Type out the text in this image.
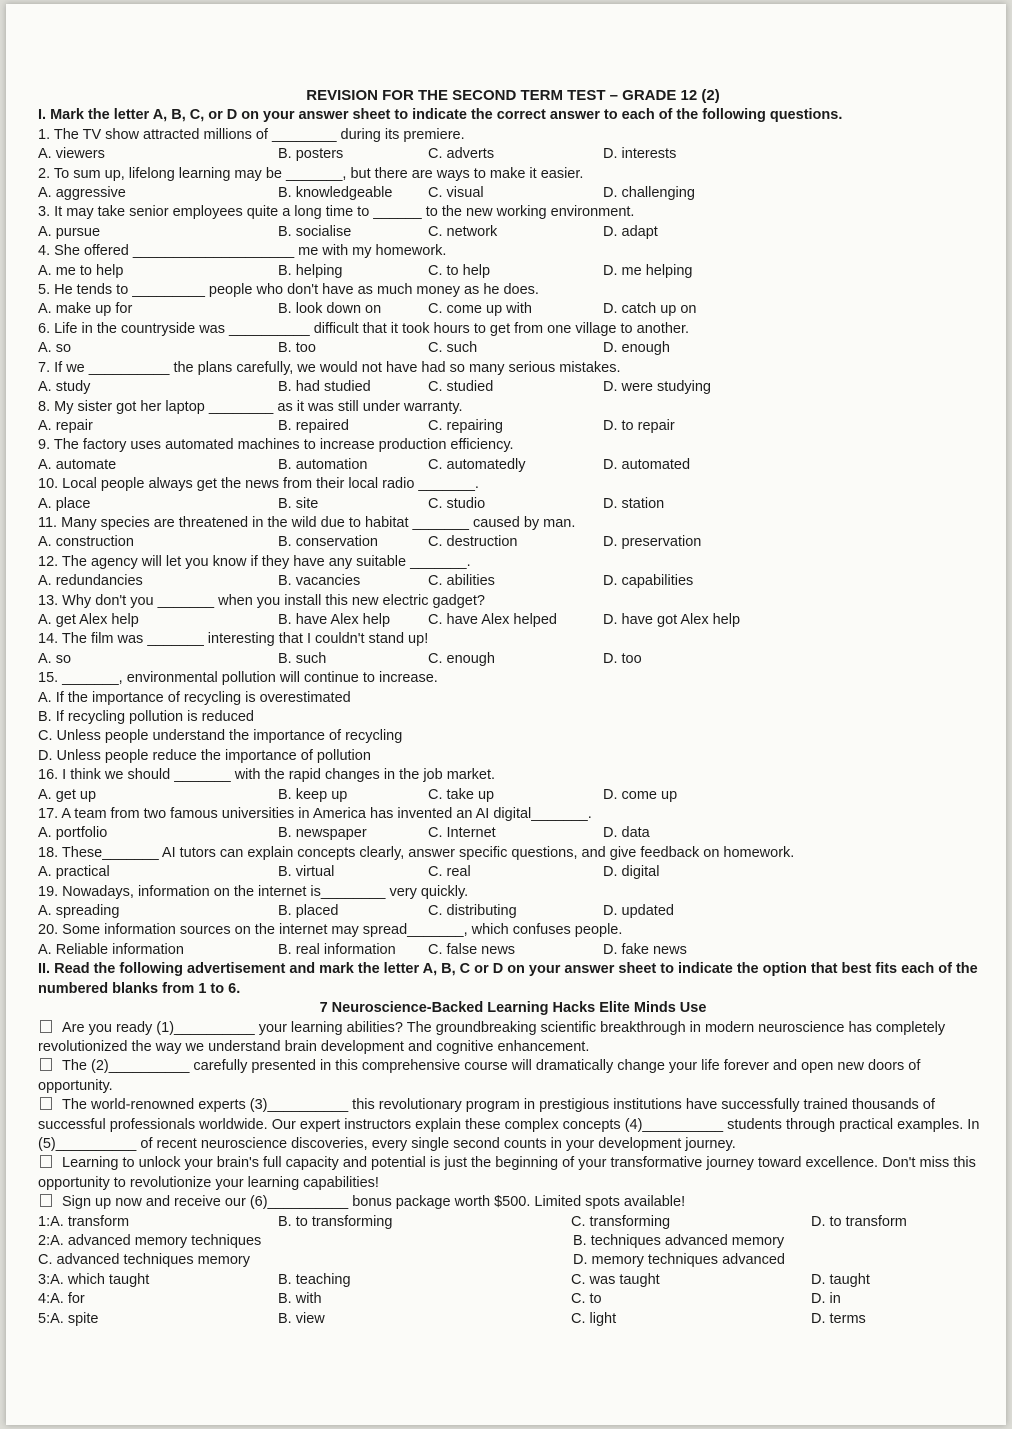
REVISION FOR THE SECOND TERM TEST – GRADE 12 (2)
I. Mark the letter A, B, C, or D on your answer sheet to indicate the correct answer to each of the following questions.
1. The TV show attracted millions of ________ during its premiere.
A. viewers	B. posters	C. adverts	D. interests
2. To sum up, lifelong learning may be _______, but there are ways to make it easier.
A. aggressive	B. knowledgeable	C. visual	D. challenging
3. It may take senior employees quite a long time to ______ to the new working environment.
A. pursue	B. socialise	C. network	D. adapt
4. She offered ____________________ me with my homework.
A. me to help	B. helping	C. to help	D. me helping
5. He tends to _________ people who don't have as much money as he does.
A. make up for	B. look down on	C. come up with	D. catch up on
6. Life in the countryside was __________ difficult that it took hours to get from one village to another.
A. so	B. too	C. such	D. enough
7. If we __________ the plans carefully, we would not have had so many serious mistakes.
A. study	B. had studied	C. studied	D. were studying
8. My sister got her laptop ________ as it was still under warranty.
A. repair	B. repaired	C. repairing	D. to repair
9. The factory uses automated machines to increase production efficiency.
A. automate	B. automation	C. automatedly	D. automated
10. Local people always get the news from their local radio _______.
A. place	B. site	C. studio	D. station
11. Many species are threatened in the wild due to habitat _______ caused by man.
A. construction	B. conservation	C. destruction	D. preservation
12. The agency will let you know if they have any suitable _______.
A. redundancies	B. vacancies	C. abilities	D. capabilities
13. Why don't you _______ when you install this new electric gadget?
A. get Alex help	B. have Alex help	C. have Alex helped	D. have got Alex help
14. The film was _______ interesting that I couldn't stand up!
A. so	B. such	C. enough	D. too
15. _______, environmental pollution will continue to increase.
A. If the importance of recycling is overestimated
B. If recycling pollution is reduced
C. Unless people understand the importance of recycling
D. Unless people reduce the importance of pollution
16. I think we should _______ with the rapid changes in the job market.
A. get up	B. keep up	C. take up	D. come up
17. A team from two famous universities in America has invented an AI digital_______.
A. portfolio	B. newspaper	C. Internet	D. data
18. These_______ AI tutors can explain concepts clearly, answer specific questions, and give feedback on homework.
A. practical	B. virtual	C. real	D. digital
19. Nowadays, information on the internet is________ very quickly.
A. spreading	B. placed	C. distributing	D. updated
20. Some information sources on the internet may spread_______, which confuses people.
A. Reliable information	B. real information	C. false news	D. fake news
II. Read the following advertisement and mark the letter A, B, C or D on your answer sheet to indicate the option that best fits each of the numbered blanks from 1 to 6.
7 Neuroscience-Backed Learning Hacks Elite Minds Use
Are you ready (1)__________ your learning abilities? The groundbreaking scientific breakthrough in modern neuroscience has completely revolutionized the way we understand brain development and cognitive enhancement.
The (2)__________ carefully presented in this comprehensive course will dramatically change your life forever and open new doors of opportunity.
The world-renowned experts (3)__________ this revolutionary program in prestigious institutions have successfully trained thousands of successful professionals worldwide. Our expert instructors explain these complex concepts (4)__________ students through practical examples. In (5)__________ of recent neuroscience discoveries, every single second counts in your development journey.
Learning to unlock your brain's full capacity and potential is just the beginning of your transformative journey toward excellence. Don't miss this opportunity to revolutionize your learning capabilities!
Sign up now and receive our (6)__________ bonus package worth $500. Limited spots available!
1:A. transform	B. to transforming	C. transforming	D. to transform
2:A. advanced memory techniques	B. techniques advanced memory
C. advanced techniques memory	D. memory techniques advanced
3:A. which taught	B. teaching	C. was taught	D. taught
4:A. for	B. with	C. to	D. in
5:A. spite	B. view	C. light	D. terms
